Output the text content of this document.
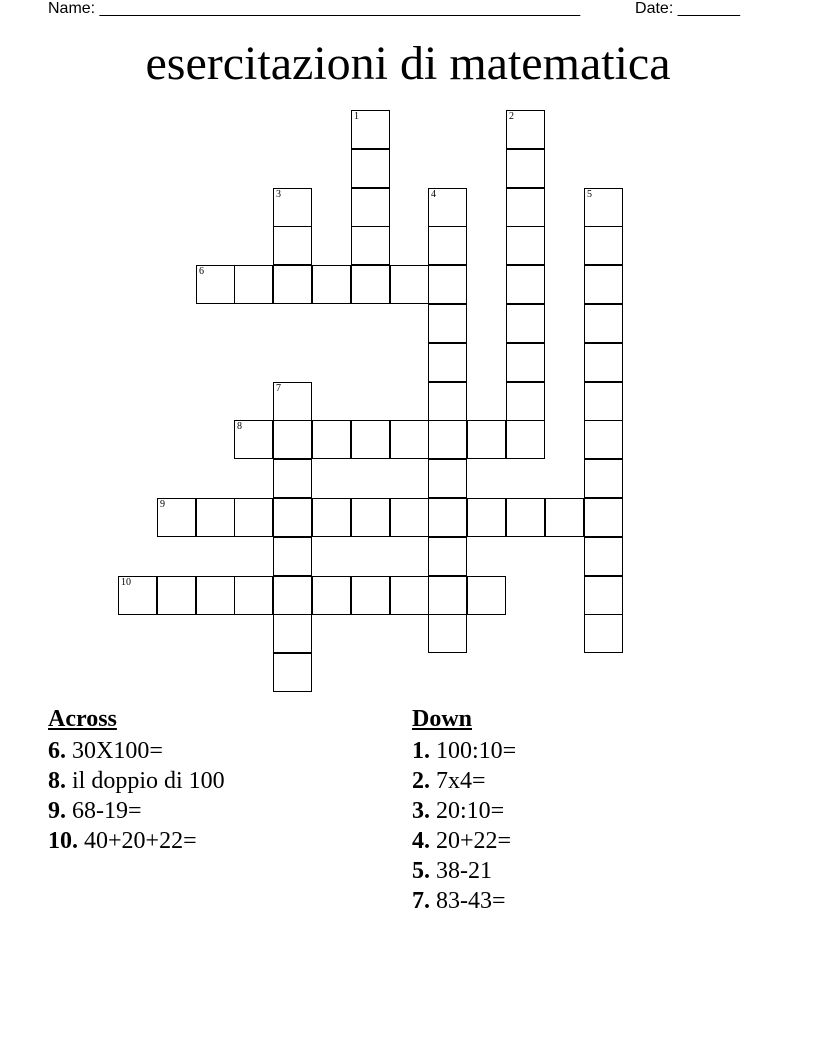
Name: ______________________________________________________	Date: _______
esercitazioni di matematica
1	2
3	4	5
6
7
8
9
10
Across
6. 30X100=
8. il doppio di 100
9. 68-19=
10. 40+20+22=
Down
1. 100:10=
2. 7x4=
3. 20:10=
4. 20+22=
5. 38-21
7. 83-43=
